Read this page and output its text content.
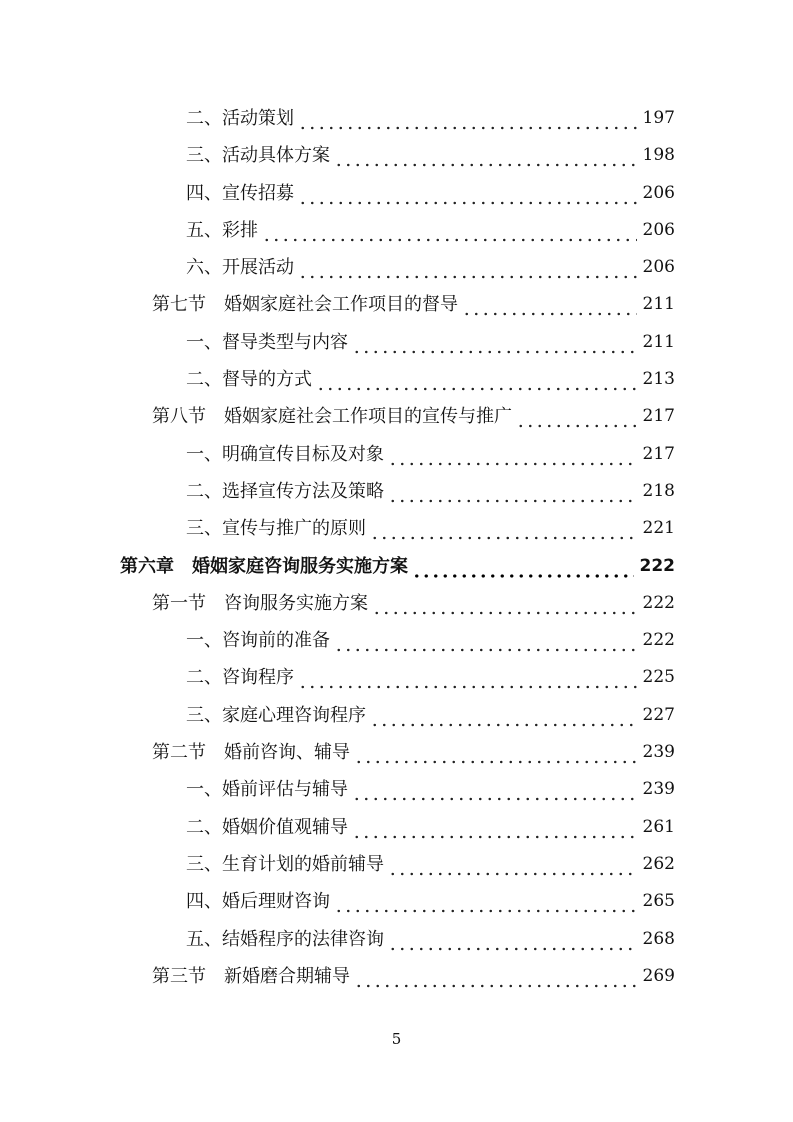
二、活动策划	197
三、活动具体方案	198
四、宣传招募	206
五、彩排	206
六、开展活动	206
第七节　婚姻家庭社会工作项目的督导	211
一、督导类型与内容	211
二、督导的方式	213
第八节　婚姻家庭社会工作项目的宣传与推广	217
一、明确宣传目标及对象	217
二、选择宣传方法及策略	218
三、宣传与推广的原则	221
第六章　婚姻家庭咨询服务实施方案	222
第一节　咨询服务实施方案	222
一、咨询前的准备	222
二、咨询程序	225
三、家庭心理咨询程序	227
第二节　婚前咨询、辅导	239
一、婚前评估与辅导	239
二、婚姻价值观辅导	261
三、生育计划的婚前辅导	262
四、婚后理财咨询	265
五、结婚程序的法律咨询	268
第三节　新婚磨合期辅导	269
5
